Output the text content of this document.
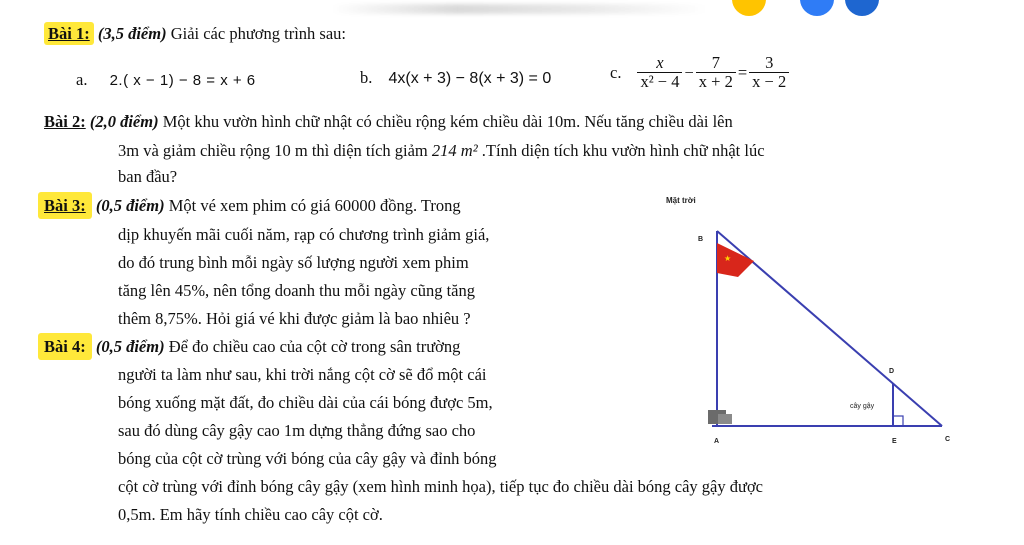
Bài 1: (3,5 điểm) Giải các phương trình sau:
a. 2.( x − 1) − 8 = x + 6	b. 4x(x + 3) − 8(x + 3) = 0	c. $\frac{x}{\text{x² − 4}} - \frac{7}{x + 2} = \frac{3}{x - 2}$
Bài 2: (2,0 điểm) Một khu vườn hình chữ nhật có chiều rộng kém chiều dài 10m. Nếu tăng chiều dài lên
3m và giảm chiều rộng 10 m thì diện tích giảm 214 m² .Tính diện tích khu vườn hình chữ nhật lúc
ban đầu?
Bài 3: (0,5 điểm) Một vé xem phim có giá 60000 đồng. Trong
dịp khuyến mãi cuối năm, rạp có chương trình giảm giá,
do đó trung bình mỗi ngày số lượng người xem phim
tăng lên 45%, nên tổng doanh thu mỗi ngày cũng tăng
thêm 8,75%. Hỏi giá vé khi được giảm là bao nhiêu ?
Bài 4: (0,5 điểm) Để đo chiều cao của cột cờ trong sân trường
người ta làm như sau, khi trời nắng cột cờ sẽ đổ một cái
bóng xuống mặt đất, đo chiều dài của cái bóng được 5m,
sau đó dùng cây gậy cao 1m dựng thẳng đứng sao cho
bóng của cột cờ trùng với bóng của cây gậy và đỉnh bóng
cột cờ trùng với đỉnh bóng cây gậy (xem hình minh họa), tiếp tục đo chiều dài bóng cây gậy được
0,5m. Em hãy tính chiều cao cây cột cờ.
Mặt trời
B
★
D
cây gậy
A	E	C
